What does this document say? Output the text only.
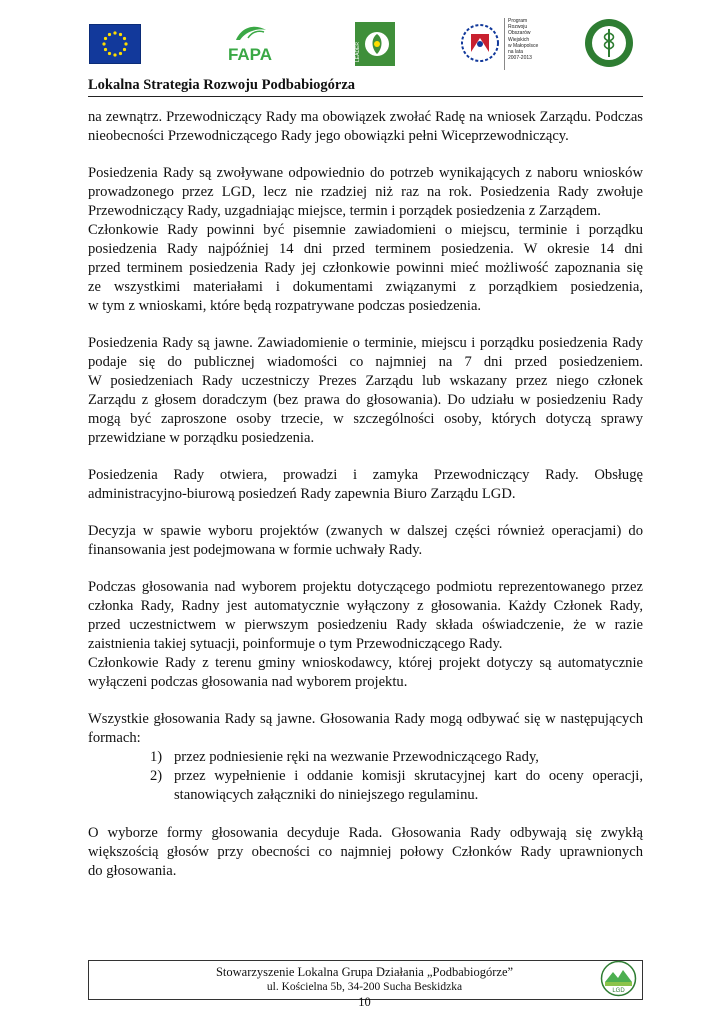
FAPA	LEADER
Program
Rozwoju
Obszarów
Wiejskich
w Małopolsce
na lata
2007-2013
Lokalna Strategia Rozwoju Podbabiogórza

na zewnątrz. Przewodniczący Rady ma obowiązek zwołać Radę na wniosek Zarządu. Podczas
nieobecności Przewodniczącego Rady jego obowiązki pełni Wiceprzewodniczący.

Posiedzenia Rady są zwoływane odpowiednio do potrzeb wynikających z naboru wniosków
prowadzonego przez LGD, lecz nie rzadziej niż raz na rok. Posiedzenia Rady zwołuje
Przewodniczący Rady, uzgadniając miejsce, termin i porządek posiedzenia z Zarządem.
Członkowie Rady powinni być pisemnie zawiadomieni o miejscu, terminie i porządku
posiedzenia Rady najpóźniej 14 dni przed terminem posiedzenia. W okresie 14 dni
przed terminem posiedzenia Rady jej członkowie powinni mieć możliwość zapoznania się
ze wszystkimi materiałami i dokumentami związanymi z porządkiem posiedzenia,
w tym z wnioskami, które będą rozpatrywane podczas posiedzenia.

Posiedzenia Rady są jawne. Zawiadomienie o terminie, miejscu i porządku posiedzenia Rady
podaje się do publicznej wiadomości co najmniej na 7 dni przed posiedzeniem.
W posiedzeniach Rady uczestniczy Prezes Zarządu lub wskazany przez niego członek
Zarządu z głosem doradczym (bez prawa do głosowania). Do udziału w posiedzeniu Rady
mogą być zaproszone osoby trzecie, w szczególności osoby, których dotyczą sprawy
przewidziane w porządku posiedzenia.

Posiedzenia Rady otwiera, prowadzi i zamyka Przewodniczący Rady. Obsługę
administracyjno-biurową posiedzeń Rady zapewnia Biuro Zarządu LGD.

Decyzja w spawie wyboru projektów (zwanych w dalszej części również operacjami) do
finansowania jest podejmowana w formie uchwały Rady.

Podczas głosowania nad wyborem projektu dotyczącego podmiotu reprezentowanego przez
członka Rady, Radny jest automatycznie wyłączony z głosowania. Każdy Członek Rady,
przed uczestnictwem w pierwszym posiedzeniu Rady składa oświadczenie, że w razie
zaistnienia takiej sytuacji, poinformuje o tym Przewodniczącego Rady.
Członkowie Rady z terenu gminy wnioskodawcy, której projekt dotyczy są automatycznie
wyłączeni podczas głosowania nad wyborem projektu.

Wszystkie głosowania Rady są jawne. Głosowania Rady mogą odbywać się w następujących
formach:
1) przez podniesienie ręki na wezwanie Przewodniczącego Rady,
2) przez wypełnienie i oddanie komisji skrutacyjnej kart do oceny operacji,
stanowiących załączniki do niniejszego regulaminu.

O wyborze formy głosowania decyduje Rada. Głosowania Rady odbywają się zwykłą
większością głosów przy obecności co najmniej połowy Członków Rady uprawnionych
do głosowania.

Stowarzyszenie Lokalna Grupa Działania „Podbabiogórze”
ul. Kościelna 5b, 34-200 Sucha Beskidzka	LGD
10
